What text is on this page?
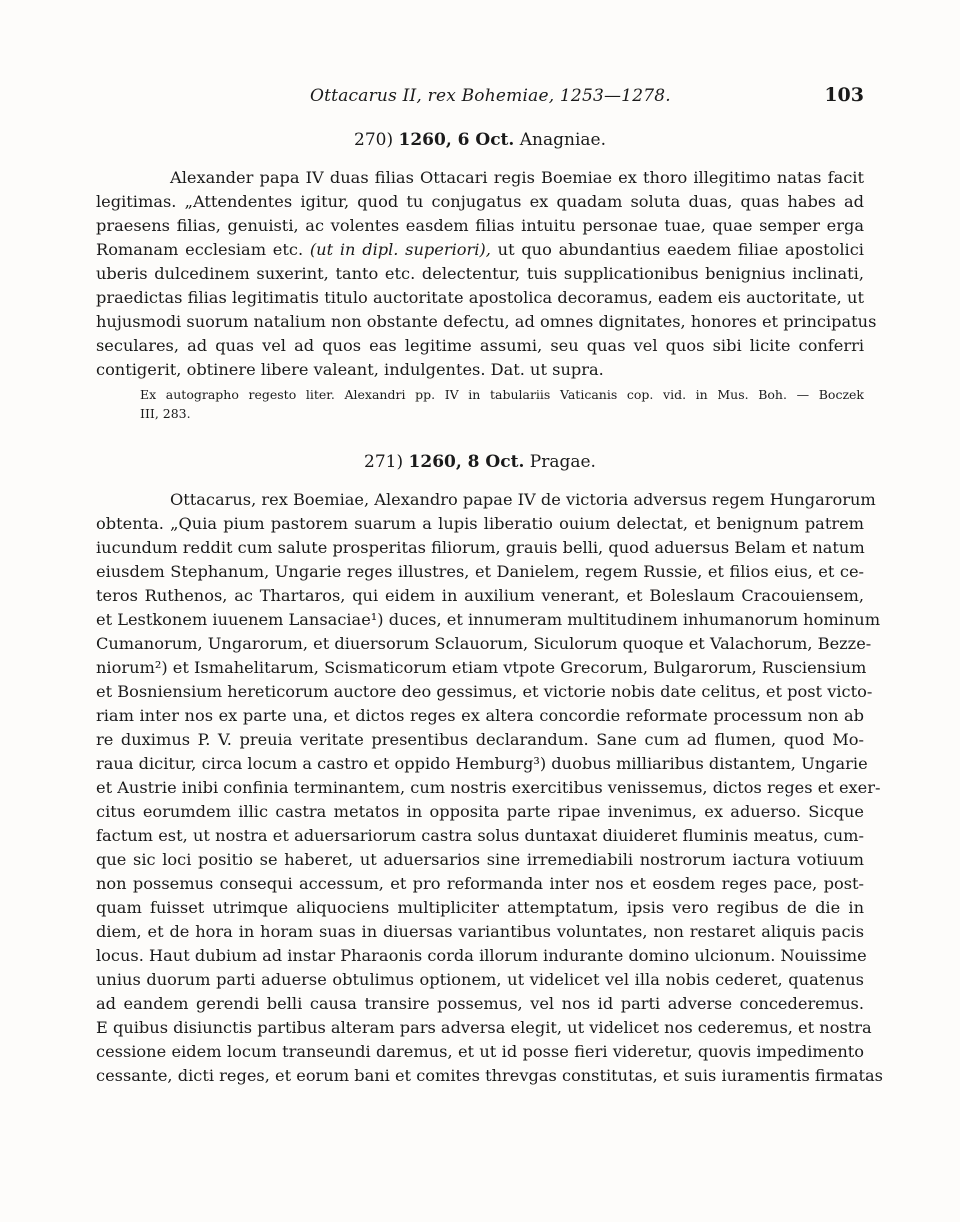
Ottacarus II, rex Bohemiae, 1253—1278.	103
270) 1260, 6 Oct. Anagniae.
Alexander papa IV duas filias Ottacari regis Boemiae ex thoro illegitimo natas facit
legitimas. „Attendentes igitur, quod tu conjugatus ex quadam soluta duas, quas habes ad
praesens filias, genuisti, ac volentes easdem filias intuitu personae tuae, quae semper erga
Romanam ecclesiam etc. (ut in dipl. superiori), ut quo abundantius eaedem filiae apostolici
uberis dulcedinem suxerint, tanto etc. delectentur, tuis supplicationibus benignius inclinati,
praedictas filias legitimatis titulo auctoritate apostolica decoramus, eadem eis auctoritate, ut
hujusmodi suorum natalium non obstante defectu, ad omnes dignitates, honores et principatus
seculares, ad quas vel ad quos eas legitime assumi, seu quas vel quos sibi licite conferri
contigerit, obtinere libere valeant, indulgentes. Dat. ut supra.
Ex autographo regesto liter. Alexandri pp. IV in tabulariis Vaticanis cop. vid. in Mus. Boh. — Boczek
III, 283.
271) 1260, 8 Oct. Pragae.
Ottacarus, rex Boemiae, Alexandro papae IV de victoria adversus regem Hungarorum
obtenta. „Quia pium pastorem suarum a lupis liberatio ouium delectat, et benignum patrem
iucundum reddit cum salute prosperitas filiorum, grauis belli, quod aduersus Belam et natum
eiusdem Stephanum, Ungarie reges illustres, et Danielem, regem Russie, et filios eius, et ce-
teros Ruthenos, ac Thartaros, qui eidem in auxilium venerant, et Boleslaum Cracouiensem,
et Lestkonem iuuenem Lansaciae¹) duces, et innumeram multitudinem inhumanorum hominum
Cumanorum, Ungarorum, et diuersorum Sclauorum, Siculorum quoque et Valachorum, Bezze-
niorum²) et Ismahelitarum, Scismaticorum etiam vtpote Grecorum, Bulgarorum, Rusciensium
et Bosniensium hereticorum auctore deo gessimus, et victorie nobis date celitus, et post victo-
riam inter nos ex parte una, et dictos reges ex altera concordie reformate processum non ab
re duximus P. V. preuia veritate presentibus declarandum. Sane cum ad flumen, quod Mo-
raua dicitur, circa locum a castro et oppido Hemburg³) duobus milliaribus distantem, Ungarie
et Austrie inibi confinia terminantem, cum nostris exercitibus venissemus, dictos reges et exer-
citus eorumdem illic castra metatos in opposita parte ripae invenimus, ex aduerso. Sicque
factum est, ut nostra et aduersariorum castra solus duntaxat diuideret fluminis meatus, cum-
que sic loci positio se haberet, ut aduersarios sine irremediabili nostrorum iactura votiuum
non possemus consequi accessum, et pro reformanda inter nos et eosdem reges pace, post-
quam fuisset utrimque aliquociens multipliciter attemptatum, ipsis vero regibus de die in
diem, et de hora in horam suas in diuersas variantibus voluntates, non restaret aliquis pacis
locus. Haut dubium ad instar Pharaonis corda illorum indurante domino ulcionum. Nouissime
unius duorum parti aduerse obtulimus optionem, ut videlicet vel illa nobis cederet, quatenus
ad eandem gerendi belli causa transire possemus, vel nos id parti adverse concederemus.
E quibus disiunctis partibus alteram pars adversa elegit, ut videlicet nos cederemus, et nostra
cessione eidem locum transeundi daremus, et ut id posse fieri videretur, quovis impedimento
cessante, dicti reges, et eorum bani et comites threvgas constitutas, et suis iuramentis firmatas
